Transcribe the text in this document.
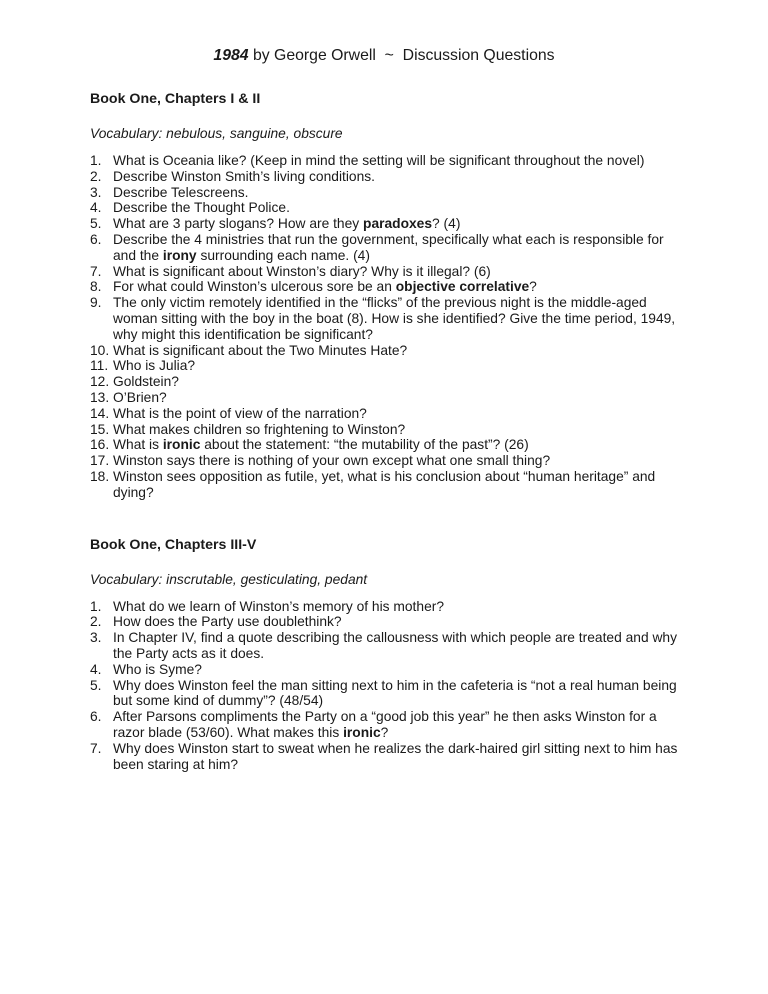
1984 by George Orwell  ~  Discussion Questions
Book One, Chapters I & II

Vocabulary: nebulous, sanguine, obscure

1. What is Oceania like? (Keep in mind the setting will be significant throughout the novel)
2. Describe Winston Smith’s living conditions.
3. Describe Telescreens.
4. Describe the Thought Police.
5. What are 3 party slogans? How are they paradoxes? (4)
6. Describe the 4 ministries that run the government, specifically what each is responsible for and the irony surrounding each name. (4)
7. What is significant about Winston’s diary? Why is it illegal? (6)
8. For what could Winston’s ulcerous sore be an objective correlative?
9. The only victim remotely identified in the “flicks” of the previous night is the middle-aged woman sitting with the boy in the boat (8). How is she identified? Give the time period, 1949, why might this identification be significant?
10. What is significant about the Two Minutes Hate?
11. Who is Julia?
12. Goldstein?
13. O’Brien?
14. What is the point of view of the narration?
15. What makes children so frightening to Winston?
16. What is ironic about the statement: “the mutability of the past”? (26)
17. Winston says there is nothing of your own except what one small thing?
18. Winston sees opposition as futile, yet, what is his conclusion about “human heritage” and dying?
Book One, Chapters III-V

Vocabulary: inscrutable, gesticulating, pedant

1. What do we learn of Winston’s memory of his mother?
2. How does the Party use doublethink?
3. In Chapter IV, find a quote describing the callousness with which people are treated and why the Party acts as it does.
4. Who is Syme?
5. Why does Winston feel the man sitting next to him in the cafeteria is “not a real human being but some kind of dummy”? (48/54)
6. After Parsons compliments the Party on a “good job this year” he then asks Winston for a razor blade (53/60). What makes this ironic?
7. Why does Winston start to sweat when he realizes the dark-haired girl sitting next to him has been staring at him?
